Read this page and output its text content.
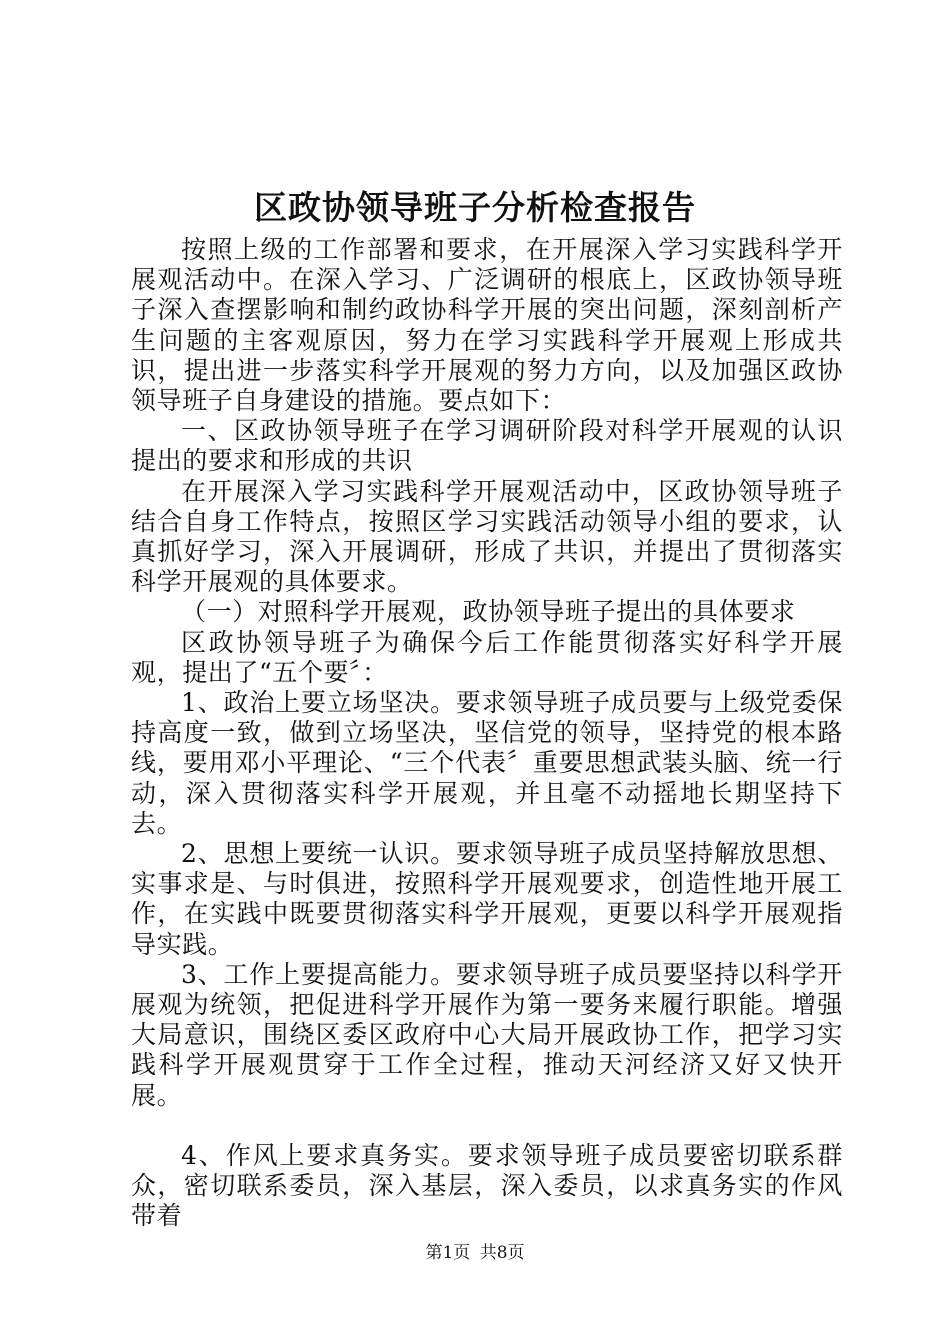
区政协领导班子分析检查报告

按照上级的工作部署和要求，在开展深入学习实践科学开展观活动中。在深入学习、广泛调研的根底上，区政协领导班子深入查摆影响和制约政协科学开展的突出问题，深刻剖析产生问题的主客观原因，努力在学习实践科学开展观上形成共识，提出进一步落实科学开展观的努力方向，以及加强区政协领导班子自身建设的措施。要点如下：

一、区政协领导班子在学习调研阶段对科学开展观的认识提出的要求和形成的共识

在开展深入学习实践科学开展观活动中，区政协领导班子结合自身工作特点，按照区学习实践活动领导小组的要求，认真抓好学习，深入开展调研，形成了共识，并提出了贯彻落实科学开展观的具体要求。

（一）对照科学开展观，政协领导班子提出的具体要求

区政协领导班子为确保今后工作能贯彻落实好科学开展观，提出了“五个要〞：

1、政治上要立场坚决。要求领导班子成员要与上级党委保持高度一致，做到立场坚决，坚信党的领导，坚持党的根本路线，要用邓小平理论、“三个代表〞重要思想武装头脑、统一行动，深入贯彻落实科学开展观，并且毫不动摇地长期坚持下去。

2、思想上要统一认识。要求领导班子成员坚持解放思想、实事求是、与时俱进，按照科学开展观要求，创造性地开展工作，在实践中既要贯彻落实科学开展观，更要以科学开展观指导实践。

3、工作上要提高能力。要求领导班子成员要坚持以科学开展观为统领，把促进科学开展作为第一要务来履行职能。增强大局意识，围绕区委区政府中心大局开展政协工作，把学习实践科学开展观贯穿于工作全过程，推动天河经济又好又快开展。

4、作风上要求真务实。要求领导班子成员要密切联系群众，密切联系委员，深入基层，深入委员，以求真务实的作风带着

第1页 共8页
